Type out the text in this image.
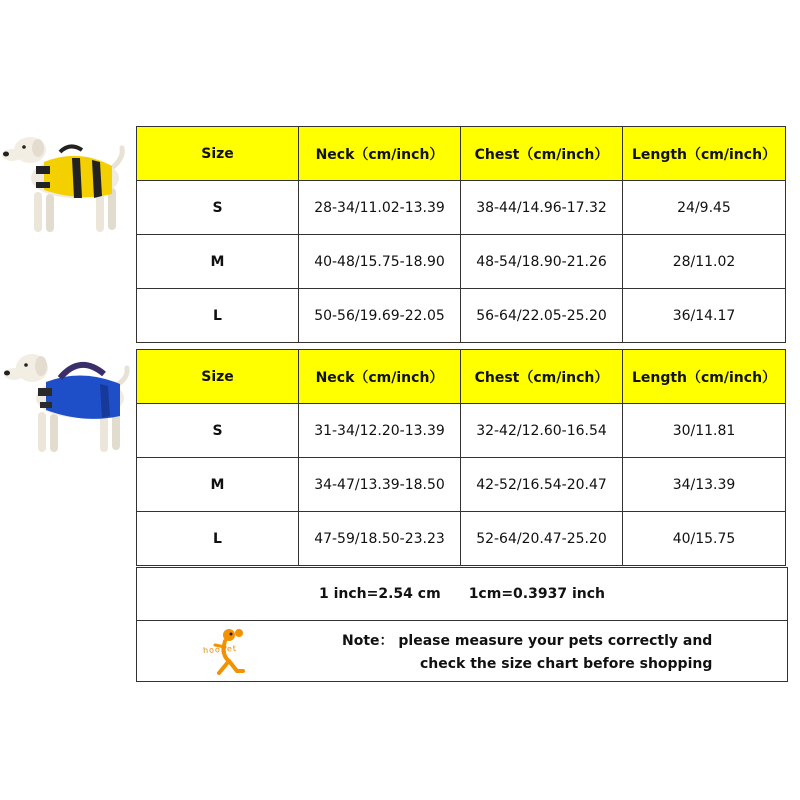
Size	Neck（cm/inch）	Chest（cm/inch）	Length（cm/inch）
S	28-34/11.02-13.39	38-44/14.96-17.32	24/9.45
M	40-48/15.75-18.90	48-54/18.90-21.26	28/11.02
L	50-56/19.69-22.05	56-64/22.05-25.20	36/14.17
Size	Neck（cm/inch）	Chest（cm/inch）	Length（cm/inch）
S	31-34/12.20-13.39	32-42/12.60-16.54	30/11.81
M	34-47/13.39-18.50	42-52/16.54-20.47	34/13.39
L	47-59/18.50-23.23	52-64/20.47-25.20	40/15.75
1 inch=2.54 cm 1cm=0.3937 inch
hoopet
Note： please measure your pets correctly and
check the size chart before shopping
